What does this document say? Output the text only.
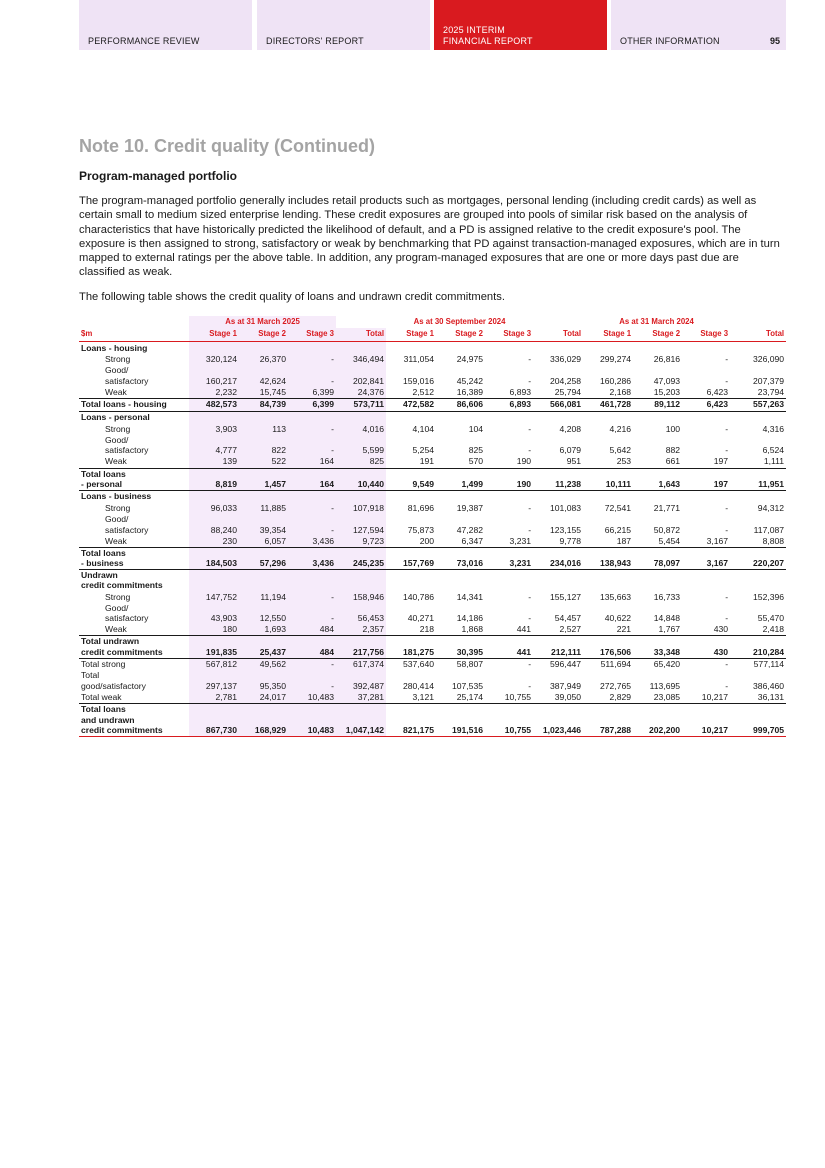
PERFORMANCE REVIEW	DIRECTORS' REPORT
2025 INTERIM
FINANCIAL REPORT	OTHER INFORMATION	95
Note 10. Credit quality (Continued)
Program-managed portfolio

The program-managed portfolio generally includes retail products such as mortgages, personal lending (including credit cards) as well as certain small to medium sized enterprise lending. These credit exposures are grouped into pools of similar risk based on the analysis of characteristics that have historically predicted the likelihood of default, and a PD is assigned relative to the credit exposure's pool. The exposure is then assigned to strong, satisfactory or weak by benchmarking that PD against transaction-managed exposures, which are in turn mapped to external ratings per the above table. In addition, any program-managed exposures that are one or more days past due are classified as weak.

The following table shows the credit quality of loans and undrawn credit commitments.

	As at 31 March 2025				As at 30 September 2024				As at 31 March 2024			
$m	Stage 1	Stage 2	Stage 3	Total	Stage 1	Stage 2	Stage 3	Total	Stage 1	Stage 2	Stage 3	Total
Loans - housing												
Strong	320,124	26,370	-	346,494	311,054	24,975	-	336,029	299,274	26,816	-	326,090
Good/
satisfactory	160,217	42,624	-	202,841	159,016	45,242	-	204,258	160,286	47,093	-	207,379
Weak	2,232	15,745	6,399	24,376	2,512	16,389	6,893	25,794	2,168	15,203	6,423	23,794
Total loans - housing	482,573	84,739	6,399	573,711	472,582	86,606	6,893	566,081	461,728	89,112	6,423	557,263
Loans - personal												
Strong	3,903	113	-	4,016	4,104	104	-	4,208	4,216	100	-	4,316
Good/
satisfactory	4,777	822	-	5,599	5,254	825	-	6,079	5,642	882	-	6,524
Weak	139	522	164	825	191	570	190	951	253	661	197	1,111
Total loans
- personal	8,819	1,457	164	10,440	9,549	1,499	190	11,238	10,111	1,643	197	11,951
Loans - business												
Strong	96,033	11,885	-	107,918	81,696	19,387	-	101,083	72,541	21,771	-	94,312
Good/
satisfactory	88,240	39,354	-	127,594	75,873	47,282	-	123,155	66,215	50,872	-	117,087
Weak	230	6,057	3,436	9,723	200	6,347	3,231	9,778	187	5,454	3,167	8,808
Total loans
- business	184,503	57,296	3,436	245,235	157,769	73,016	3,231	234,016	138,943	78,097	3,167	220,207
Undrawn
credit commitments												
Strong	147,752	11,194	-	158,946	140,786	14,341	-	155,127	135,663	16,733	-	152,396
Good/
satisfactory	43,903	12,550	-	56,453	40,271	14,186	-	54,457	40,622	14,848	-	55,470
Weak	180	1,693	484	2,357	218	1,868	441	2,527	221	1,767	430	2,418
Total undrawn
credit commitments	191,835	25,437	484	217,756	181,275	30,395	441	212,111	176,506	33,348	430	210,284
Total strong	567,812	49,562	-	617,374	537,640	58,807	-	596,447	511,694	65,420	-	577,114
Total
good/satisfactory	297,137	95,350	-	392,487	280,414	107,535	-	387,949	272,765	113,695	-	386,460
Total weak	2,781	24,017	10,483	37,281	3,121	25,174	10,755	39,050	2,829	23,085	10,217	36,131
Total loans
and undrawn
credit commitments	867,730	168,929	10,483	1,047,142	821,175	191,516	10,755	1,023,446	787,288	202,200	10,217	999,705
